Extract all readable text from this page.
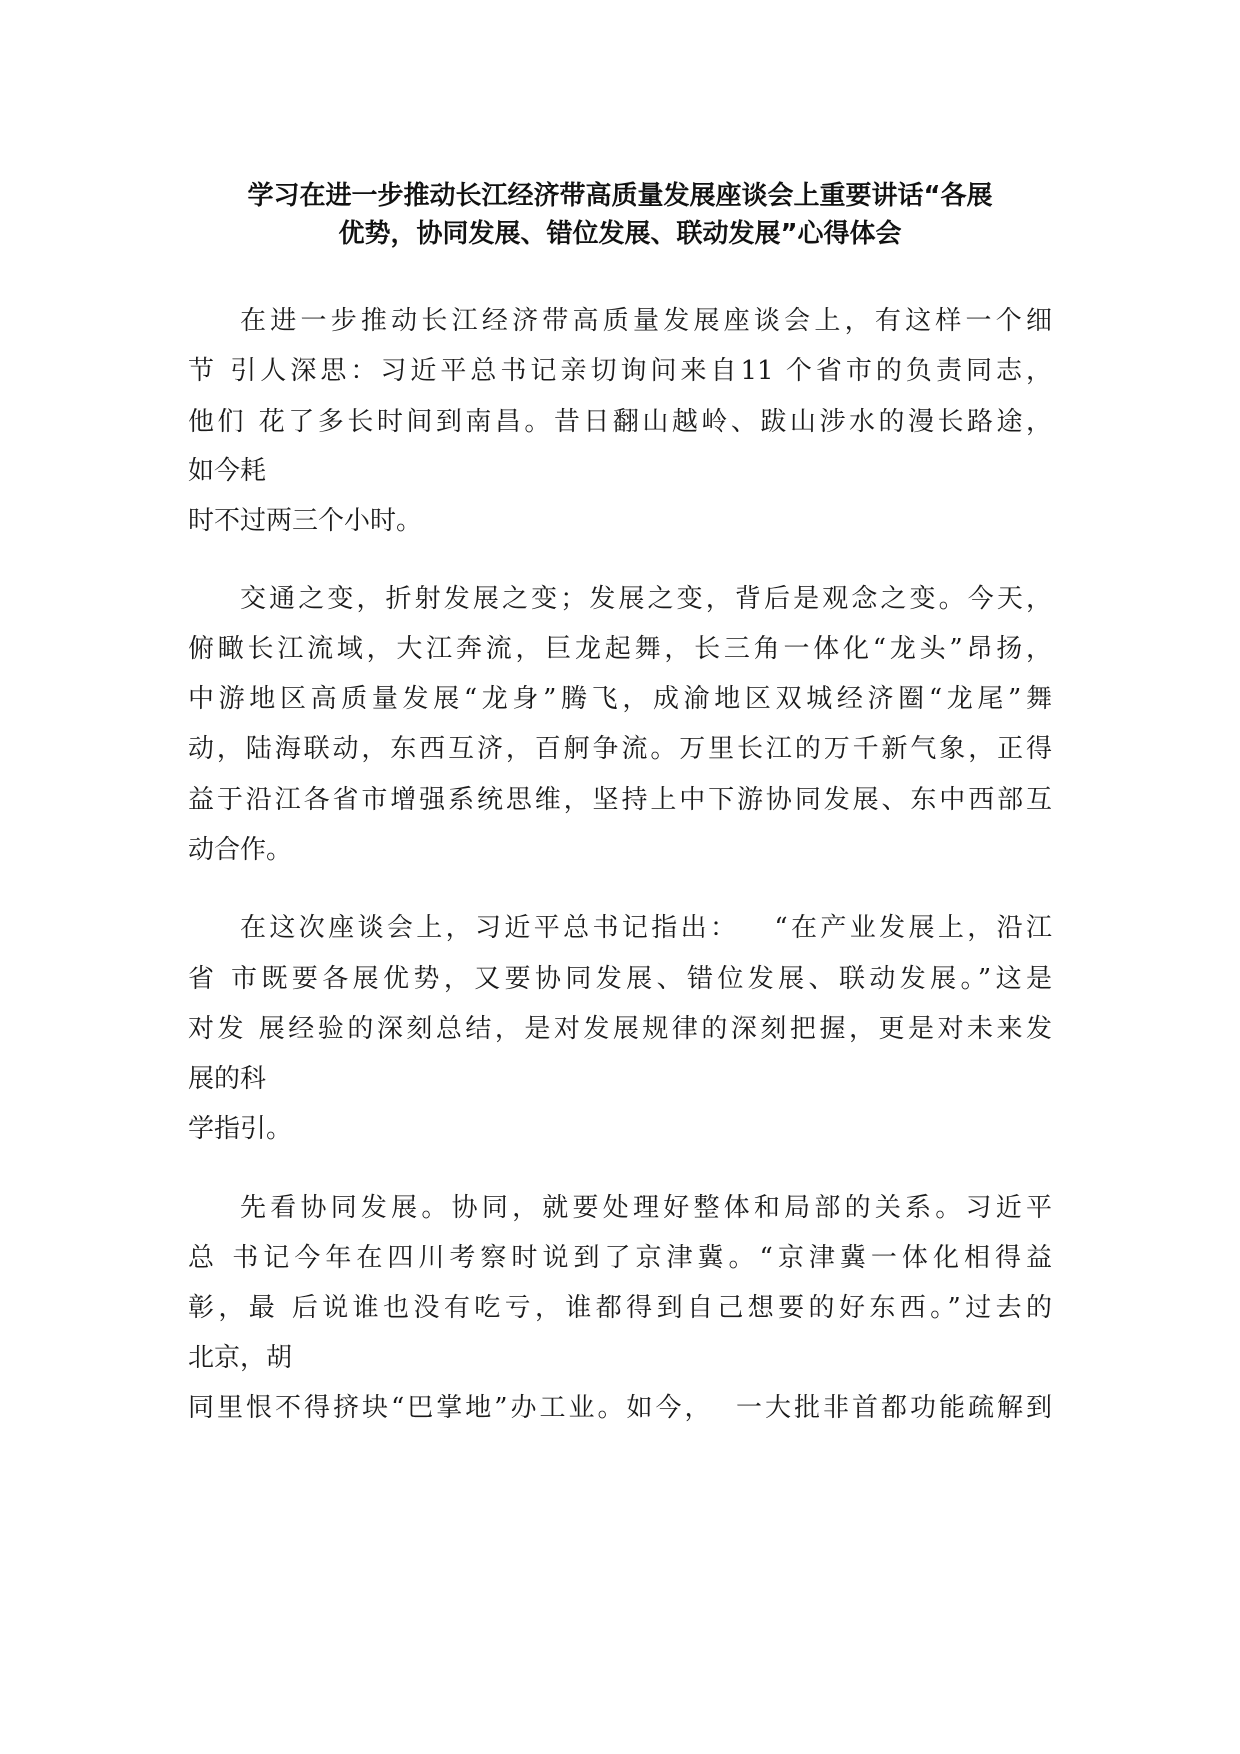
学习在进一步推动长江经济带高质量发展座谈会上重要讲话“各展
优势，协同发展、错位发展、联动发展”心得体会
在进一步推动长江经济带高质量发展座谈会上，有这样一个细
节 引人深思：习近平总书记亲切询问来自11 个省市的负责同志，
他们 花了多长时间到南昌。昔日翻山越岭、跋山涉水的漫长路途，
如今耗
时不过两三个小时。
交通之变，折射发展之变；发展之变，背后是观念之变。今天，
俯瞰长江流域，大江奔流，巨龙起舞，长三角一体化“龙头”昂扬，
中游地区高质量发展“龙身”腾飞，成渝地区双城经济圈“龙尾”舞
动，陆海联动，东西互济，百舸争流。万里长江的万千新气象，正得
益于沿江各省市增强系统思维，坚持上中下游协同发展、东中西部互
动合作。
在这次座谈会上，习近平总书记指出：   “在产业发展上，沿江
省 市既要各展优势，又要协同发展、错位发展、联动发展。”这是
对发 展经验的深刻总结，是对发展规律的深刻把握，更是对未来发
展的科
学指引。
先看协同发展。协同，就要处理好整体和局部的关系。习近平
总 书记今年在四川考察时说到了京津冀。“京津冀一体化相得益
彰，最 后说谁也没有吃亏，谁都得到自己想要的好东西。”过去的
北京，胡
同里恨不得挤块“巴掌地”办工业。如今，  一大批非首都功能疏解到
